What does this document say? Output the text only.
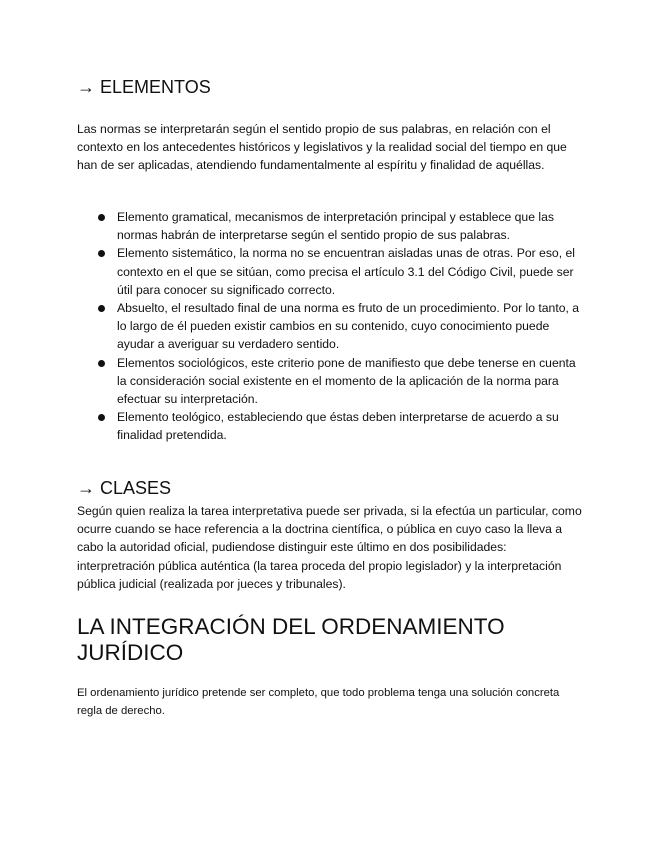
→ ELEMENTOS

Las normas se interpretarán según el sentido propio de sus palabras, en relación con el contexto en los antecedentes históricos y legislativos y la realidad social del tiempo en que han de ser aplicadas, atendiendo fundamentalmente al espíritu y finalidad de aquéllas.

Elemento gramatical, mecanismos de interpretación principal y establece que las normas habrán de interpretarse según el sentido propio de sus palabras.
Elemento sistemático, la norma no se encuentran aisladas unas de otras. Por eso, el contexto en el que se sitúan, como precisa el artículo 3.1 del Código Civil, puede ser útil para conocer su significado correcto.
Absuelto, el resultado final de una norma es fruto de un procedimiento. Por lo tanto, a lo largo de él pueden existir cambios en su contenido, cuyo conocimiento puede ayudar a averiguar su verdadero sentido.
Elementos sociológicos, este criterio pone de manifiesto que debe tenerse en cuenta la consideración social existente en el momento de la aplicación de la norma para efectuar su interpretación.
Elemento teológico, estableciendo que éstas deben interpretarse de acuerdo a su finalidad pretendida.
→ CLASES

Según quien realiza la tarea interpretativa puede ser privada, si la efectúa un particular, como ocurre cuando se hace referencia a la doctrina científica, o pública en cuyo caso la lleva a cabo la autoridad oficial, pudiendose distinguir este último en dos posibilidades: interpretración pública auténtica (la tarea proceda del propio legislador) y la interpretación pública judicial (realizada por jueces y tribunales).

LA INTEGRACIÓN DEL ORDENAMIENTO JURÍDICO

El ordenamiento jurídico pretende ser completo, que todo problema tenga una solución concreta regla de derecho.
